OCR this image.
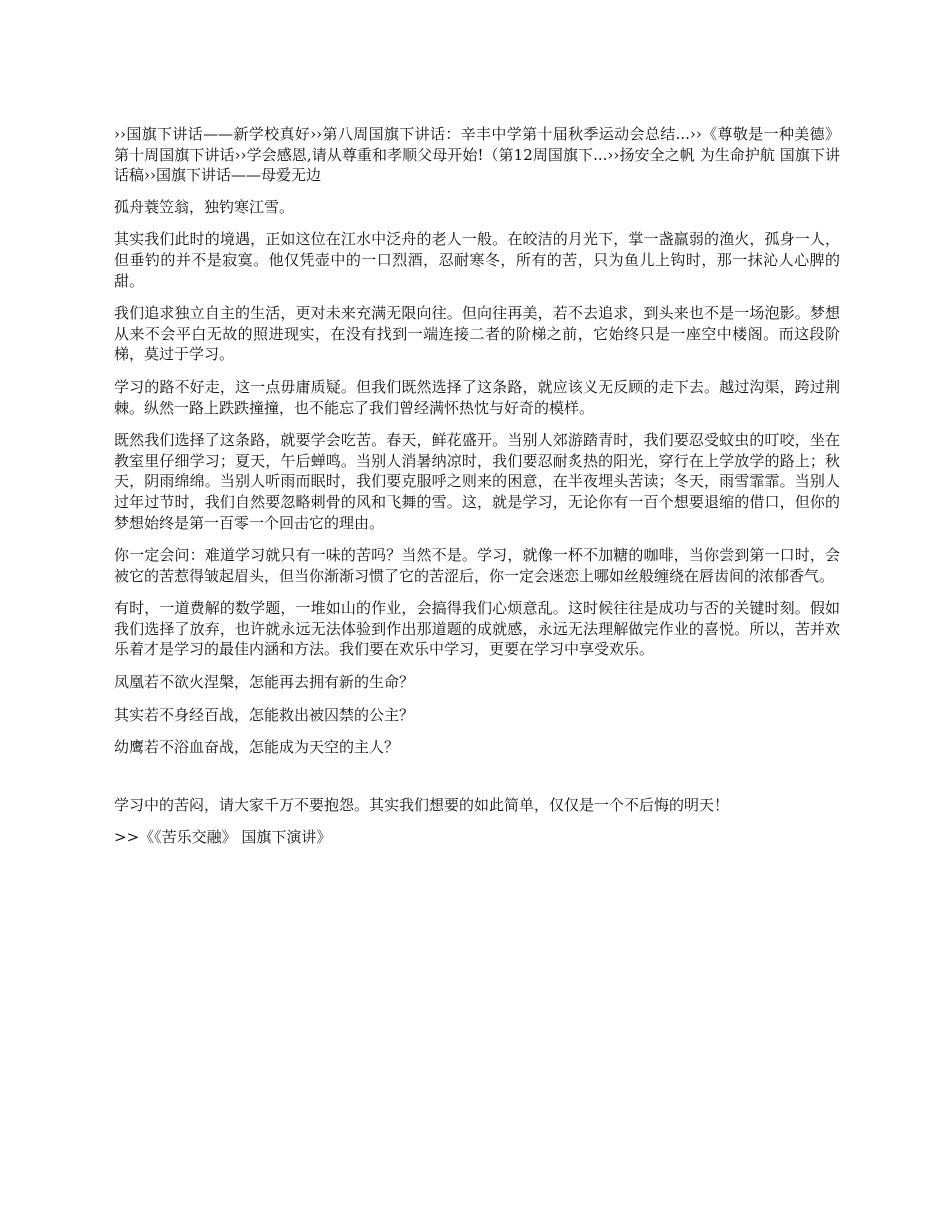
››国旗下讲话——新学校真好››第八周国旗下讲话：辛丰中学第十届秋季运动会总结...››《尊敬是一种美德》 第十周国旗下讲话››学会感恩,请从尊重和孝顺父母开始!（第12周国旗下...››扬安全之帆 为生命护航 国旗下讲话稿››国旗下讲话——母爱无边

孤舟蓑笠翁，独钓寒江雪。

其实我们此时的境遇，正如这位在江水中泛舟的老人一般。在皎洁的月光下，掌一盏羸弱的渔火，孤身一人，但垂钓的并不是寂寞。他仅凭壶中的一口烈酒，忍耐寒冬，所有的苦，只为鱼儿上钩时，那一抹沁人心脾的甜。

我们追求独立自主的生活，更对未来充满无限向往。但向往再美，若不去追求，到头来也不是一场泡影。梦想从来不会平白无故的照进现实，在没有找到一端连接二者的阶梯之前，它始终只是一座空中楼阁。而这段阶梯，莫过于学习。

学习的路不好走，这一点毋庸质疑。但我们既然选择了这条路，就应该义无反顾的走下去。越过沟渠，跨过荆棘。纵然一路上跌跌撞撞，也不能忘了我们曾经满怀热忱与好奇的模样。

既然我们选择了这条路，就要学会吃苦。春天，鲜花盛开。当别人郊游踏青时，我们要忍受蚊虫的叮咬，坐在教室里仔细学习；夏天，午后蝉鸣。当别人消暑纳凉时，我们要忍耐炙热的阳光，穿行在上学放学的路上；秋天，阴雨绵绵。当别人听雨而眠时，我们要克服呼之则来的困意，在半夜埋头苦读；冬天，雨雪霏霏。当别人过年过节时，我们自然要忽略刺骨的风和飞舞的雪。这，就是学习，无论你有一百个想要退缩的借口，但你的梦想始终是第一百零一个回击它的理由。

你一定会问：难道学习就只有一味的苦吗？当然不是。学习，就像一杯不加糖的咖啡，当你尝到第一口时，会被它的苦惹得皱起眉头，但当你渐渐习惯了它的苦涩后，你一定会迷恋上哪如丝般缠绕在唇齿间的浓郁香气。

有时，一道费解的数学题，一堆如山的作业，会搞得我们心烦意乱。这时候往往是成功与否的关键时刻。假如我们选择了放弃，也许就永远无法体验到作出那道题的成就感，永远无法理解做完作业的喜悦。所以，苦并欢乐着才是学习的最佳内涵和方法。我们要在欢乐中学习，更要在学习中享受欢乐。

凤凰若不欲火涅槃，怎能再去拥有新的生命？

其实若不身经百战，怎能救出被囚禁的公主？

幼鹰若不浴血奋战，怎能成为天空的主人？

学习中的苦闷，请大家千万不要抱怨。其实我们想要的如此简单，仅仅是一个不后悔的明天！

>>《《苦乐交融》 国旗下演讲》
